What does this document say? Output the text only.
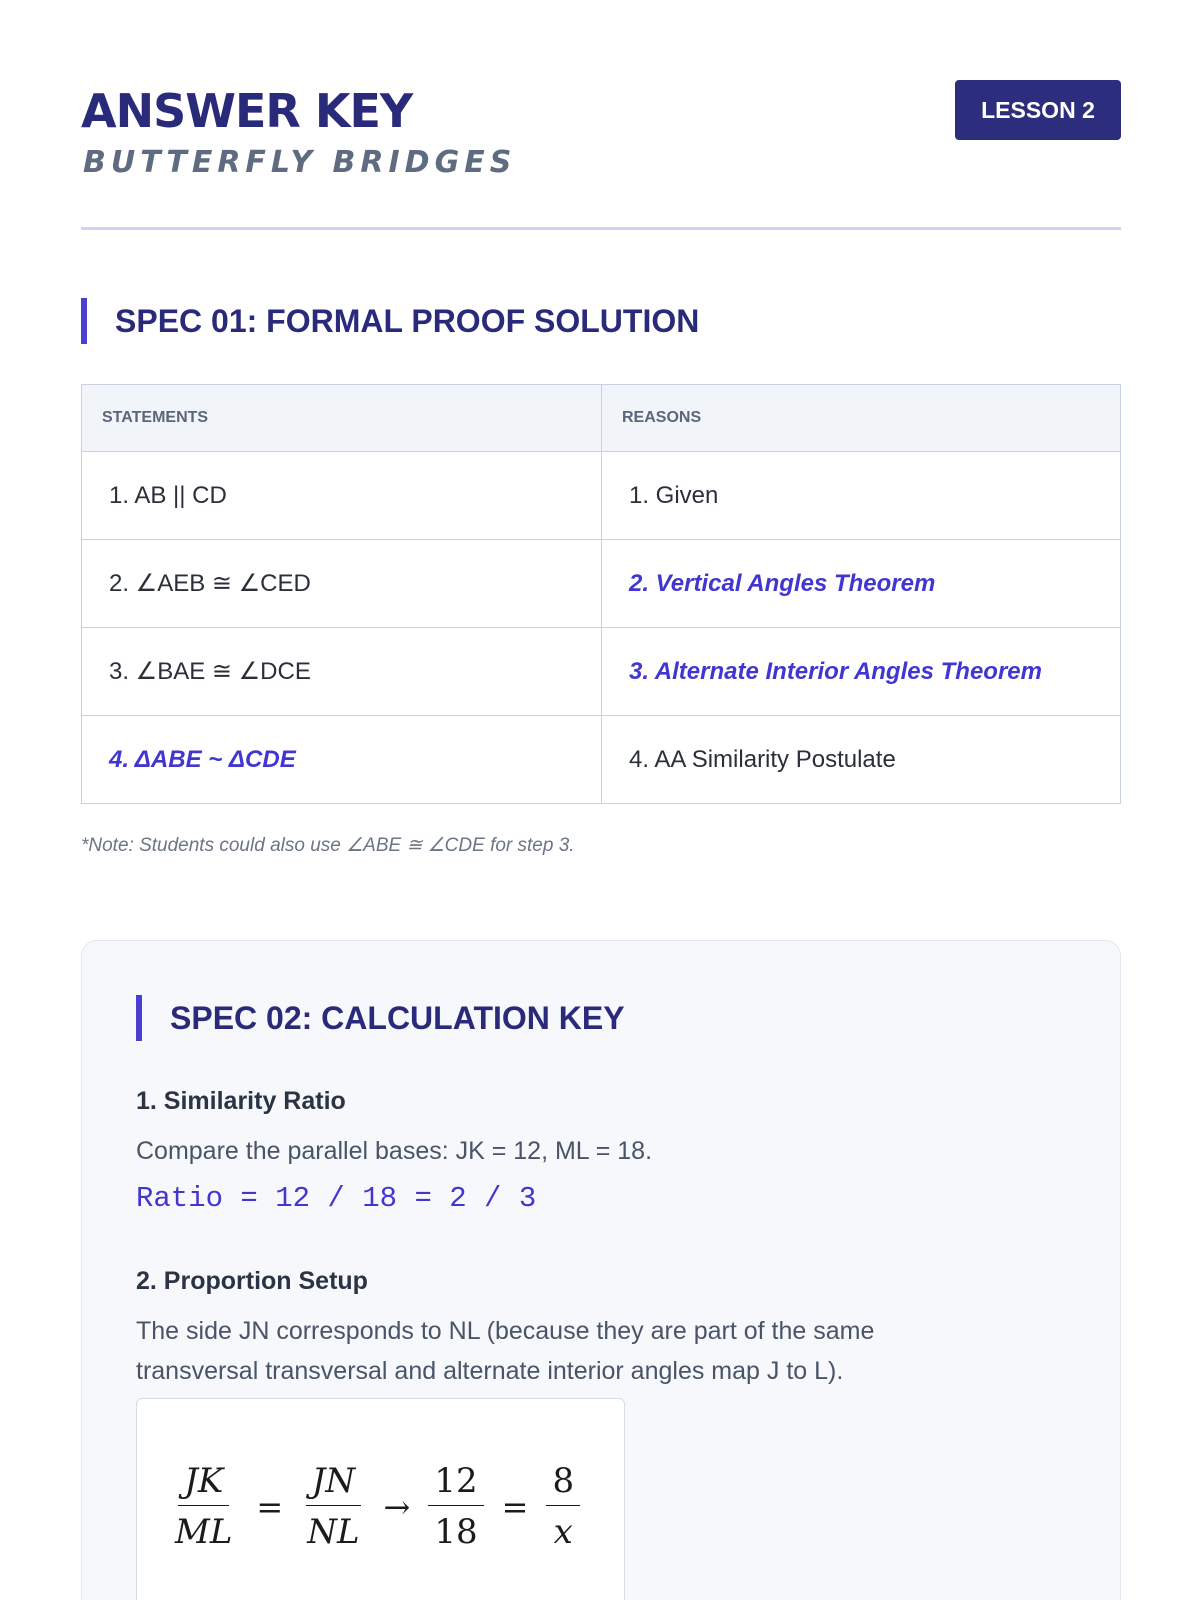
ANSWER KEY
BUTTERFLY BRIDGES
LESSON 2
SPEC 01: FORMAL PROOF SOLUTION
STATEMENTS	REASONS
1. AB || CD	1. Given
2. ∠AEB ≅ ∠CED	2. Vertical Angles Theorem
3. ∠BAE ≅ ∠DCE	3. Alternate Interior Angles Theorem
4. ΔABE ~ ΔCDE	4. AA Similarity Postulate
*Note: Students could also use ∠ABE ≅ ∠CDE for step 3.
SPEC 02: CALCULATION KEY
1. Similarity Ratio
Compare the parallel bases: JK = 12, ML = 18.
Ratio = 12 / 18 = 2 / 3
2. Proportion Setup
The side JN corresponds to NL (because they are part of the same
transversal transversal and alternate interior angles map J to L).
$\frac{JK}{ML} = \frac{JN}{NL} \to \frac{12}{18} = \frac{8}{x}$
